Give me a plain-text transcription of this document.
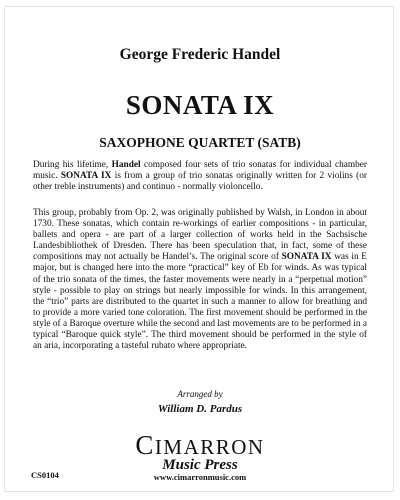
George Frederic Handel
SONATA IX
SAXOPHONE QUARTET (SATB)
During his lifetime, Handel composed four sets of trio sonatas for individual chamber music. SONATA IX is from a group of trio sonatas originally written for 2 violins (or other treble instruments) and continuo - normally violoncello.
This group, probably from Op. 2, was originally published by Walsh, in London in about 1730. These sonatas, which contain re-workings of earlier compositions - in particular, ballets and opera - are part of a larger collection of works held in the Sachsische Landesbibliothek of Dresden. There has been speculation that, in fact, some of these compositions may not actually be Handel’s. The original score of SONATA IX was in E major, but is changed here into the more “practical” key of Eb for winds. As was typical of the trio sonata of the times, the faster movements were nearly in a “perpetual motion” style - possible to play on strings but nearly impossible for winds. In this arrangement, the “trio” parts are distributed to the quartet in such a manner to allow for breathing and to provide a more varied tone coloration. The first movement should be performed in the style of a Baroque overture while the second and last movements are to be performed in a typical “Baroque quick style”. The third movement should be performed in the style of an aria, incorporating a tasteful rubato where appropriate.
Arranged by
William D. Pardus
CIMARRON
Music Press
www.cimarronmusic.com
CS0104
